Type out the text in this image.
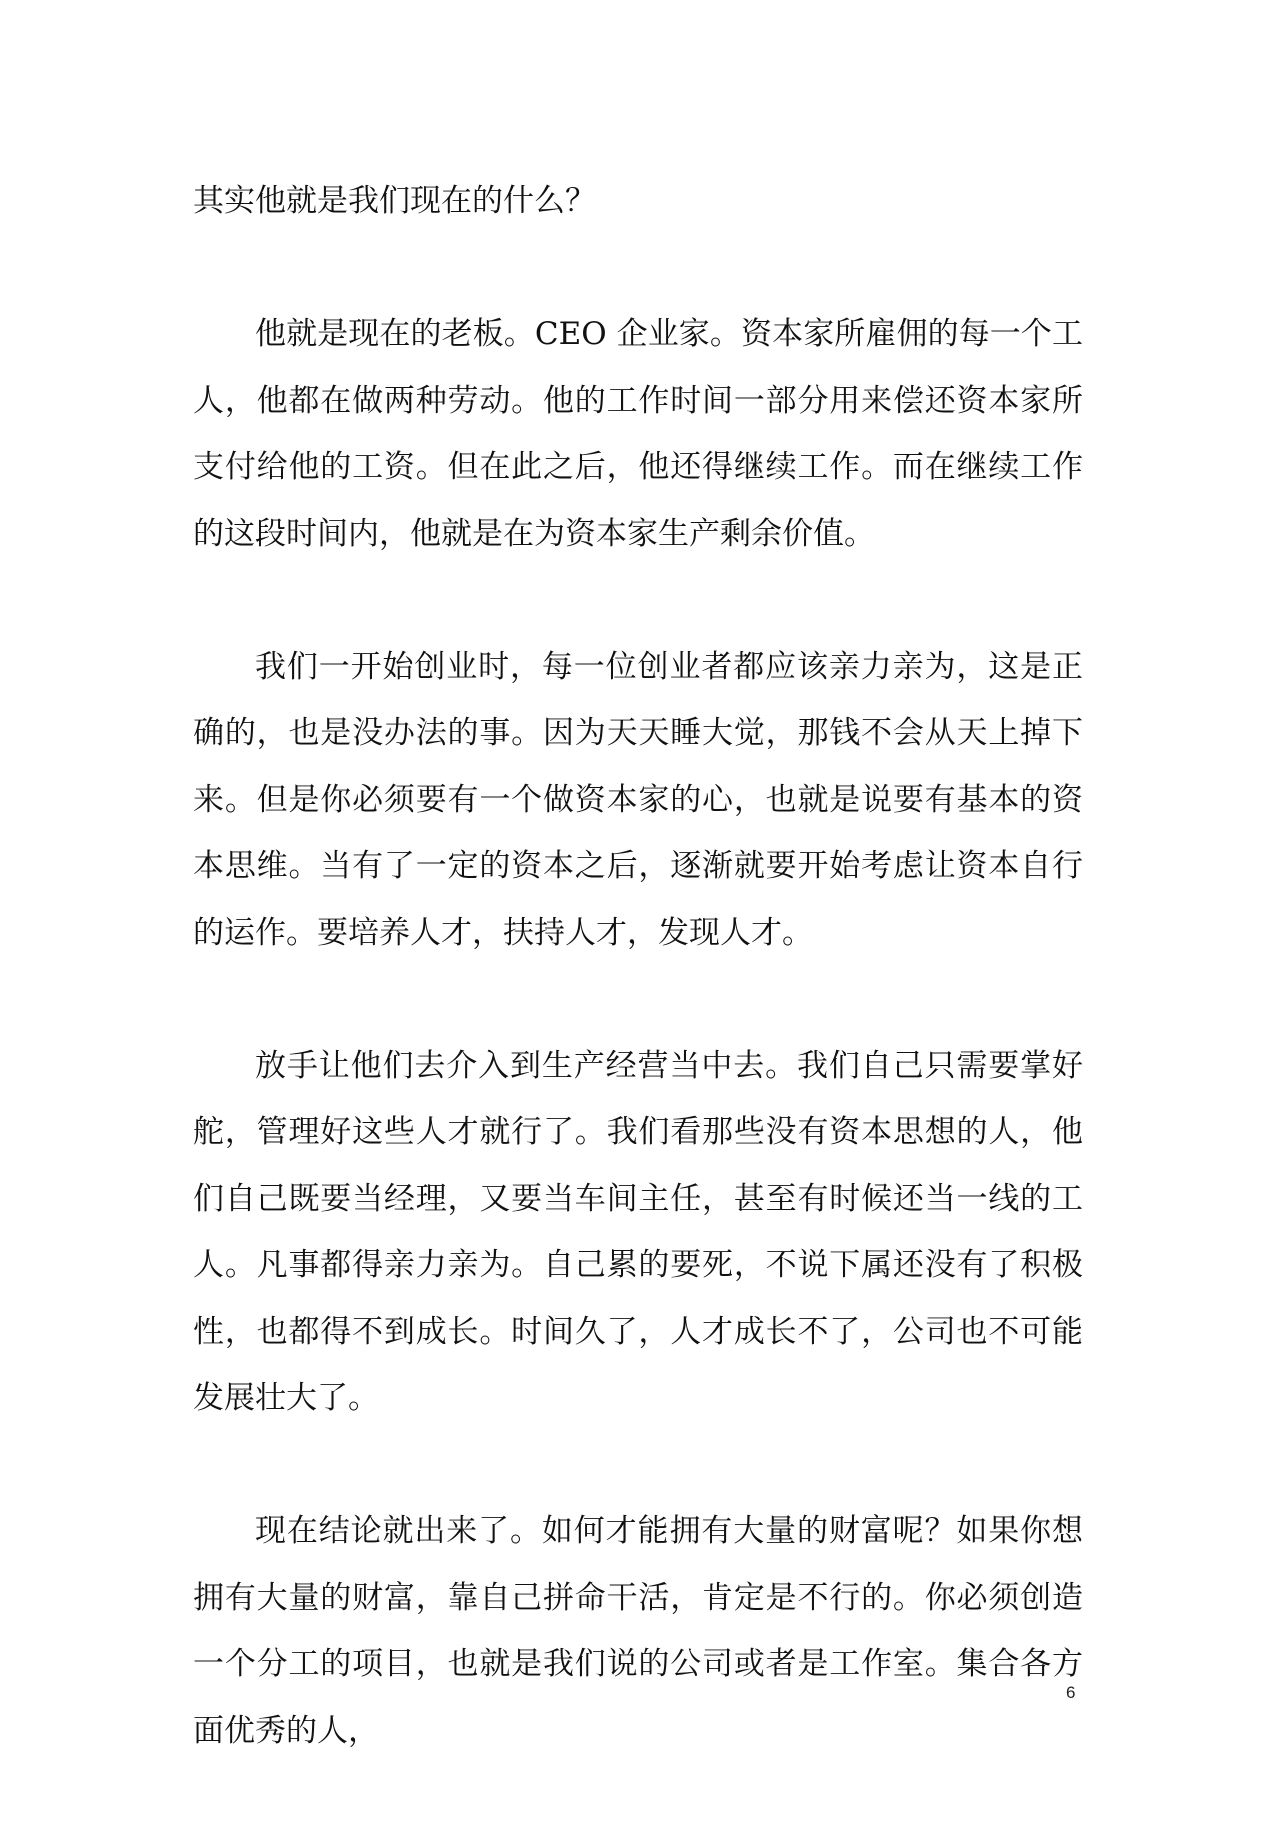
其实他就是我们现在的什么？

他就是现在的老板。CEO 企业家。资本家所雇佣的每一个工人，他都在做两种劳动。他的工作时间一部分用来偿还资本家所支付给他的工资。但在此之后，他还得继续工作。而在继续工作的这段时间内，他就是在为资本家生产剩余价值。

我们一开始创业时，每一位创业者都应该亲力亲为，这是正确的，也是没办法的事。因为天天睡大觉，那钱不会从天上掉下来。但是你必须要有一个做资本家的心，也就是说要有基本的资本思维。当有了一定的资本之后，逐渐就要开始考虑让资本自行的运作。要培养人才，扶持人才，发现人才。

放手让他们去介入到生产经营当中去。我们自己只需要掌好舵，管理好这些人才就行了。我们看那些没有资本思想的人，他们自己既要当经理，又要当车间主任，甚至有时候还当一线的工人。凡事都得亲力亲为。自己累的要死，不说下属还没有了积极性，也都得不到成长。时间久了，人才成长不了，公司也不可能发展壮大了。

现在结论就出来了。如何才能拥有大量的财富呢？如果你想拥有大量的财富，靠自己拼命干活，肯定是不行的。你必须创造一个分工的项目，也就是我们说的公司或者是工作室。集合各方面优秀的人，

6
